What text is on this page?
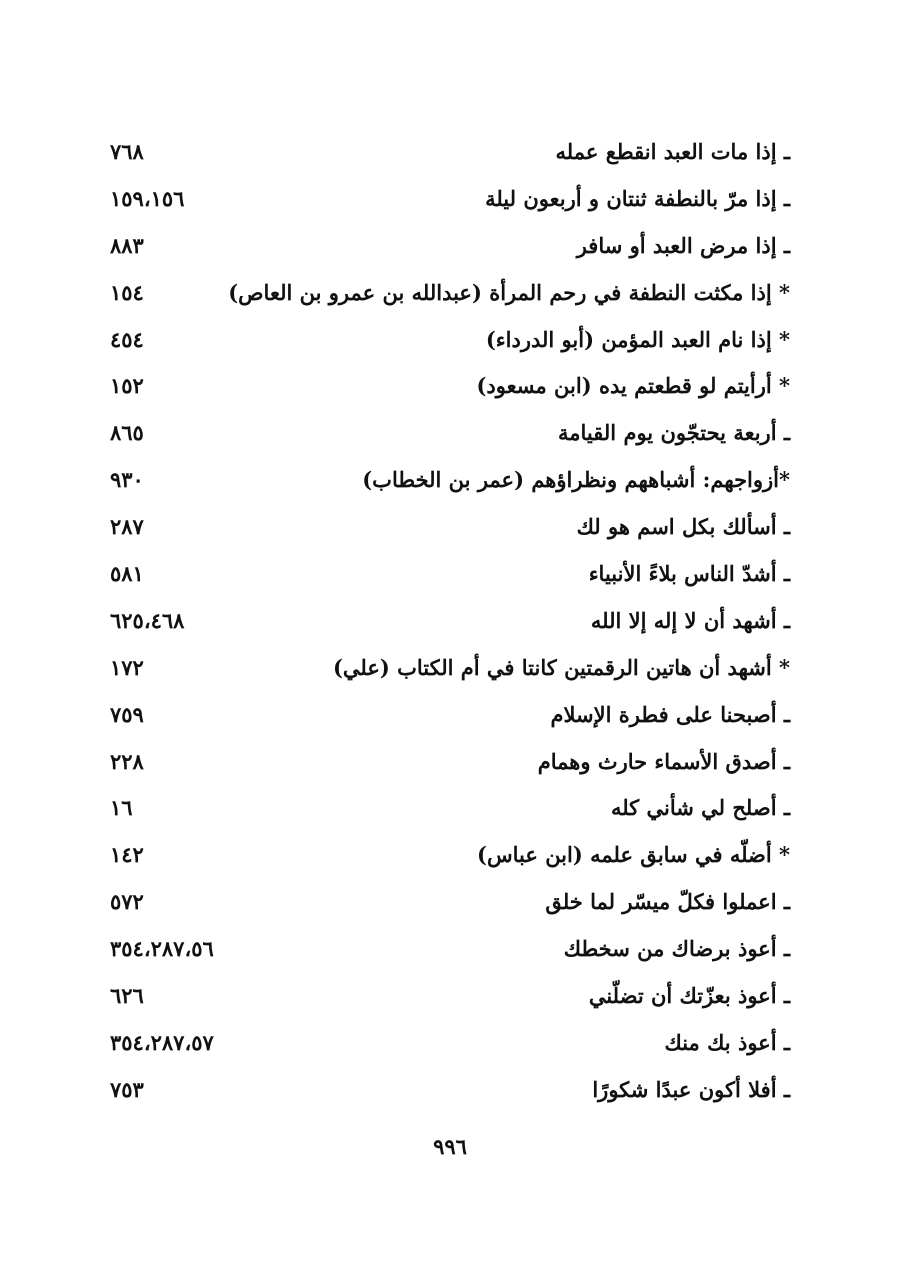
ـ إذا مات العبد انقطع عمله
٧٦٨
ـ إذا مرّ بالنطفة ثنتان و أربعون ليلة
١٥٩،١٥٦
ـ إذا مرض العبد أو سافر
٨٨٣
* إذا مكثت النطفة في رحم المرأة (عبدالله بن عمرو بن العاص)
١٥٤
* إذا نام العبد المؤمن (أبو الدرداء)
٤٥٤
* أرأيتم لو قطعتم يده (ابن مسعود)
١٥٢
ـ أربعة يحتجّون يوم القيامة
٨٦٥
*أزواجهم: أشباههم ونظراؤهم (عمر بن الخطاب)
٩٣٠
ـ أسألك بكل اسم هو لك
٢٨٧
ـ أشدّ الناس بلاءً الأنبياء
٥٨١
ـ أشهد أن لا إله إلا الله
٦٢٥،٤٦٨
* أشهد أن هاتين الرقمتين كانتا في أم الكتاب (علي)
١٧٢
ـ أصبحنا على فطرة الإسلام
٧٥٩
ـ أصدق الأسماء حارث وهمام
٢٢٨
ـ أصلح لي شأني كله
١٦
* أضلّه في سابق علمه (ابن عباس)
١٤٢
ـ اعملوا فكلّ ميسّر لما خلق
٥٧٢
ـ أعوذ برضاك من سخطك
٣٥٤،٢٨٧،٥٦
ـ أعوذ بعزّتك أن تضلّني
٦٢٦
ـ أعوذ بك منك
٣٥٤،٢٨٧،٥٧
ـ أفلا أكون عبدًا شكورًا
٧٥٣
٩٩٦
